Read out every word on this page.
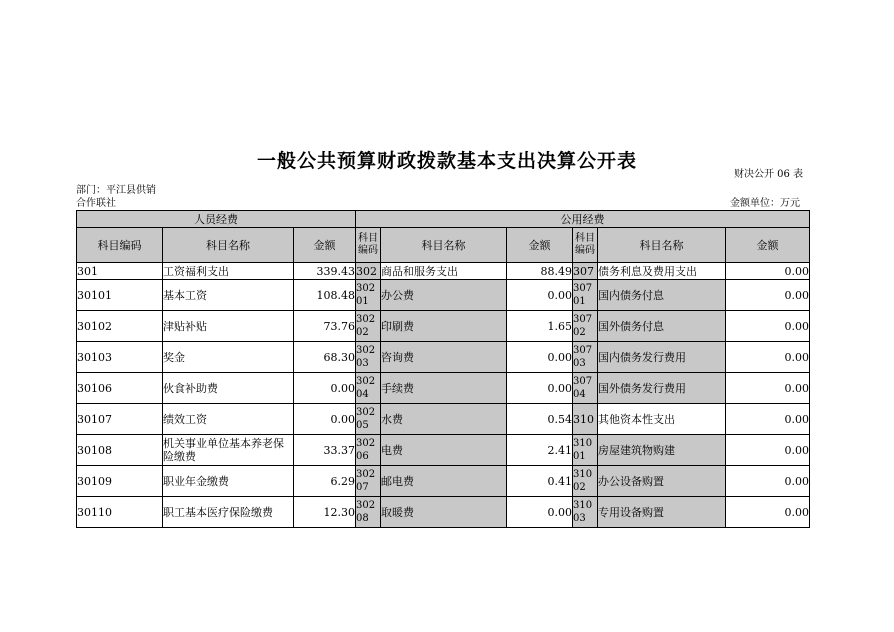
一般公共预算财政拨款基本支出决算公开表
财决公开 06 表
部门：平江县供销
合作联社	金额单位：万元
人员经费			公用经费					
科目编码	科目名称	金额	科目编码	科目名称	金额	科目编码	科目名称	金额
301	工资福利支出	339.43	302	商品和服务支出	88.49	307	债务利息及费用支出	0.00
30101	基本工资	108.48	30201	办公费	0.00	30701	国内债务付息	0.00
30102	津贴补贴	73.76	30202	印刷费	1.65	30702	国外债务付息	0.00
30103	奖金	68.30	30203	咨询费	0.00	30703	国内债务发行费用	0.00
30106	伙食补助费	0.00	30204	手续费	0.00	30704	国外债务发行费用	0.00
30107	绩效工资	0.00	30205	水费	0.54	310	其他资本性支出	0.00
30108	机关事业单位基本养老保险缴费	33.37	30206	电费	2.41	31001	房屋建筑物购建	0.00
30109	职业年金缴费	6.29	30207	邮电费	0.41	31002	办公设备购置	0.00
30110	职工基本医疗保险缴费	12.30	30208	取暖费	0.00	31003	专用设备购置	0.00
